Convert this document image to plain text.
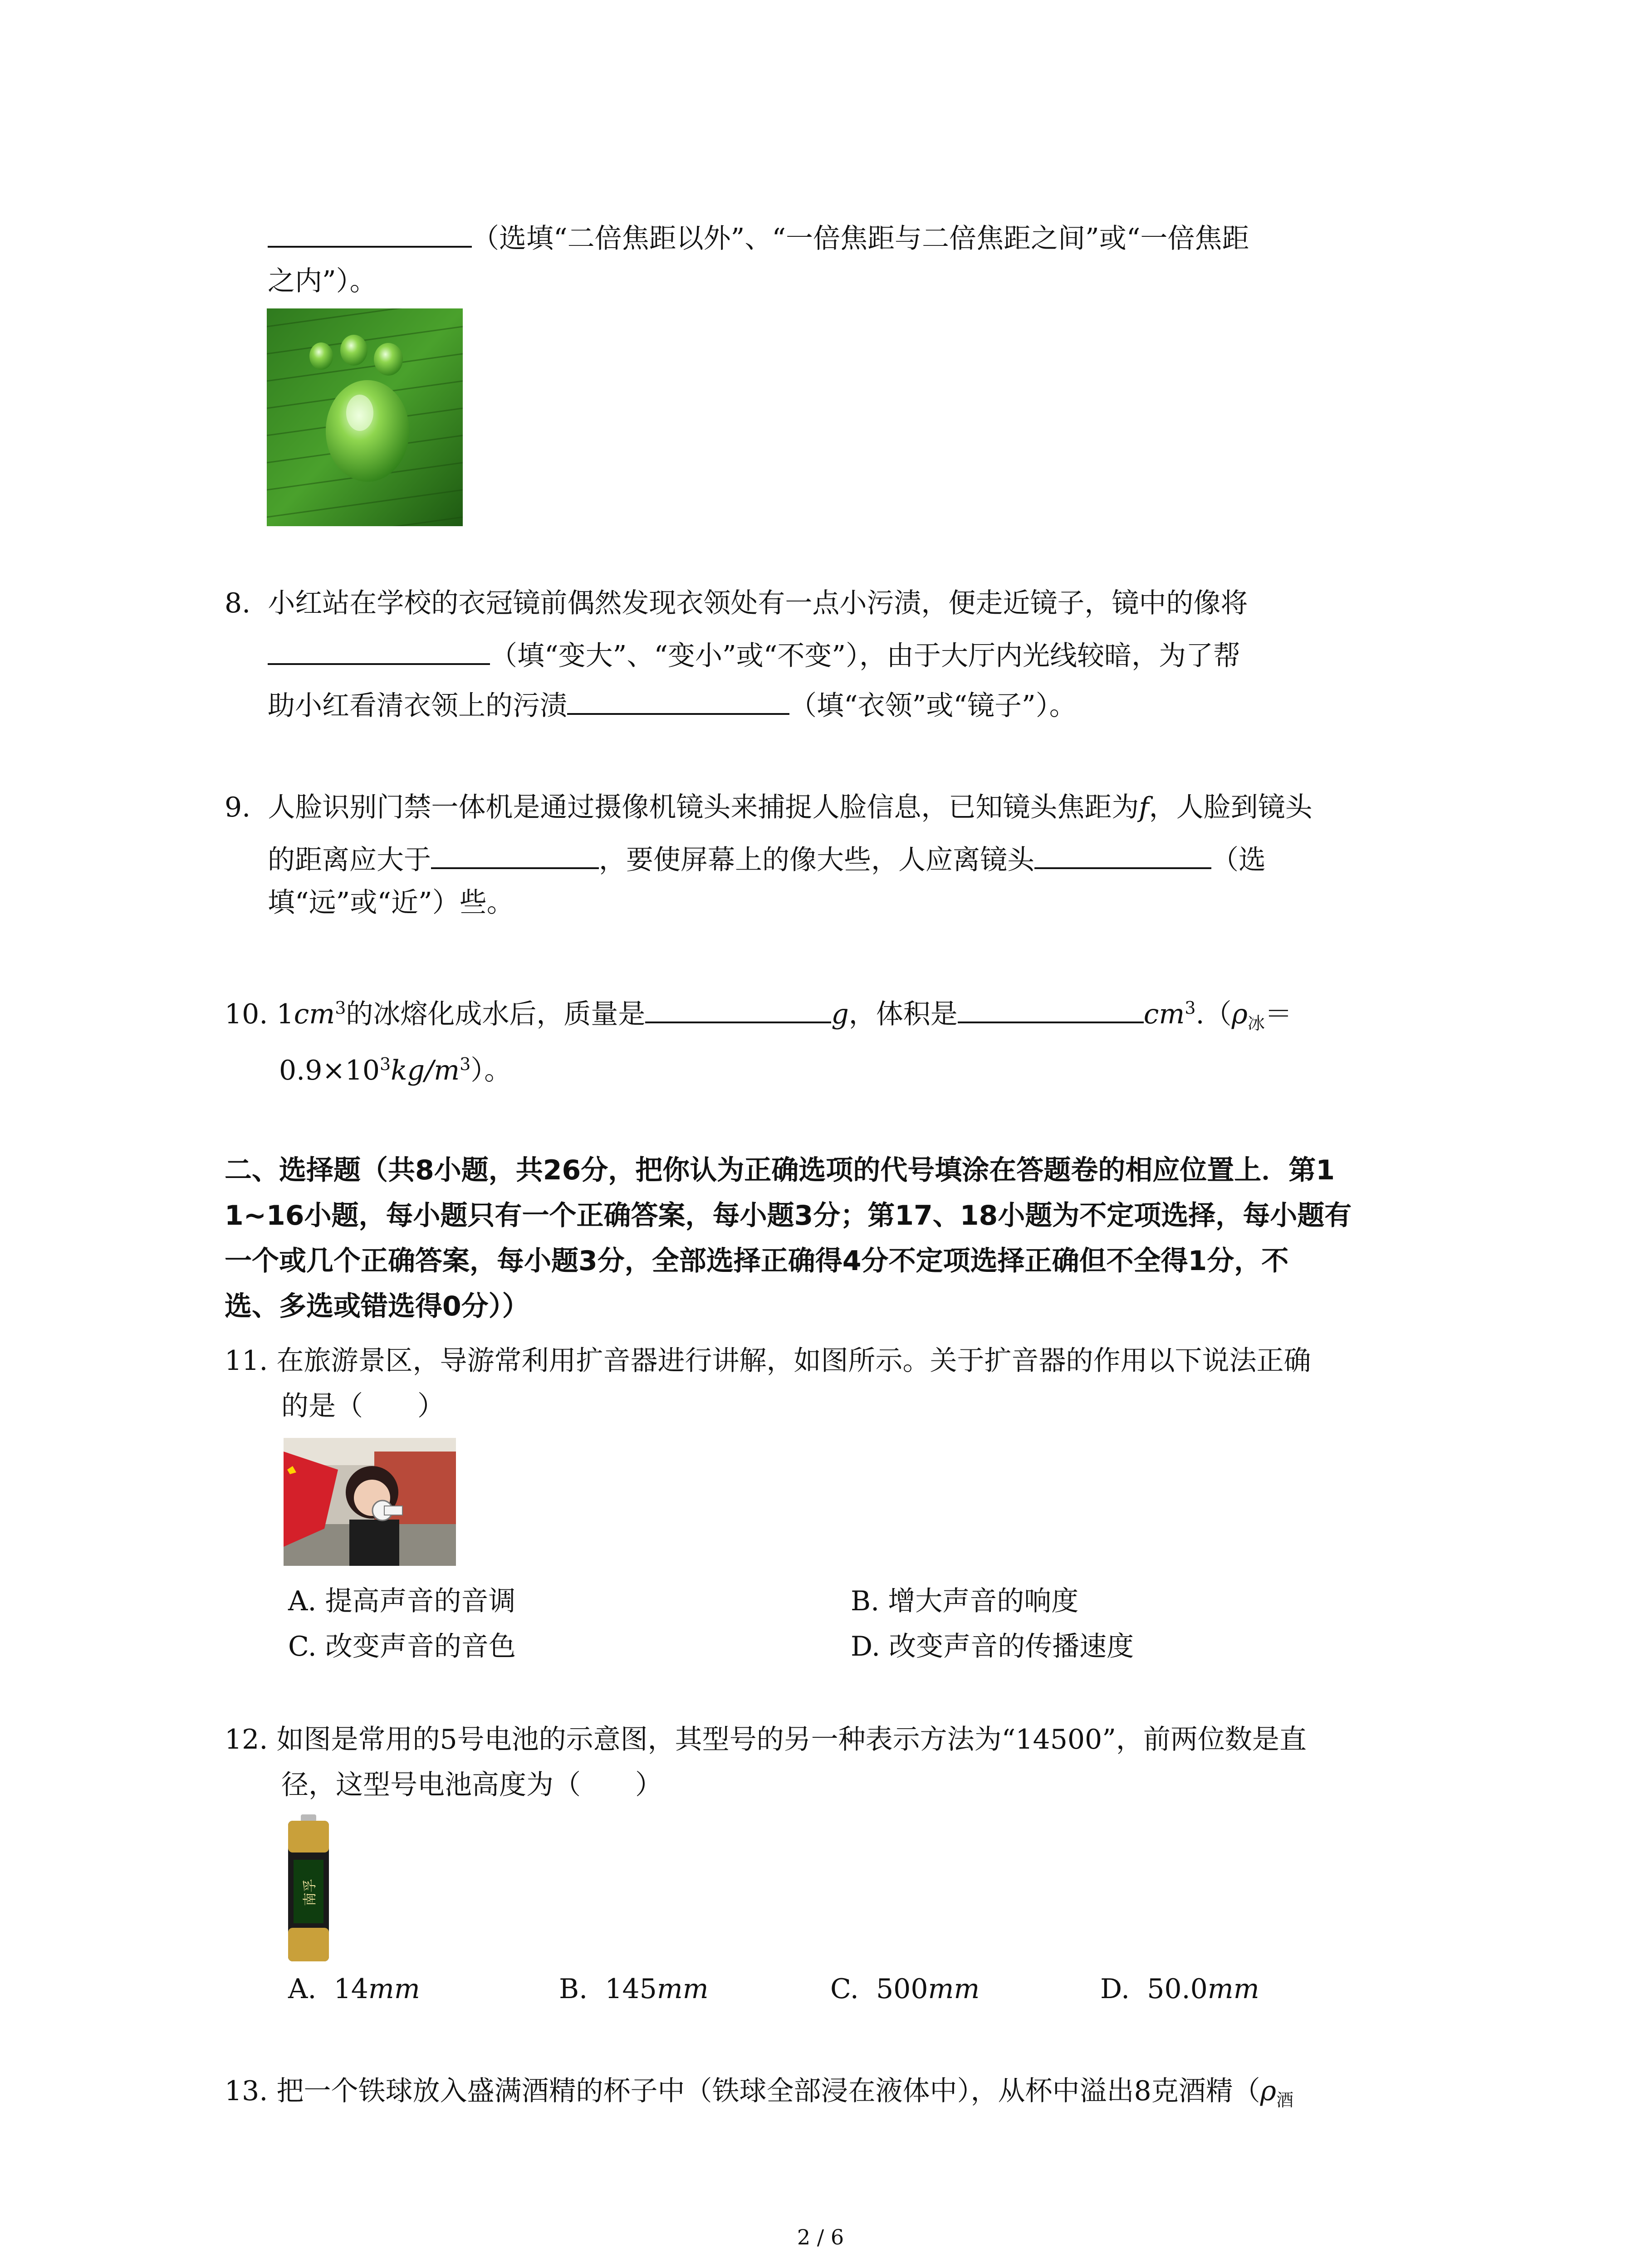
（选填“二倍焦距以外”、“一倍焦距与二倍焦距之间”或“一倍焦距
之内”）。
8. 小红站在学校的衣冠镜前偶然发现衣领处有一点小污渍，便走近镜子，镜中的像将
（填“变大”、“变小”或“不变”），由于大厅内光线较暗，为了帮
助小红看清衣领上的污渍	（填“衣领”或“镜子”）。
9. 人脸识别门禁一体机是通过摄像机镜头来捕捉人脸信息，已知镜头焦距为f，人脸到镜头
的距离应大于	，要使屏幕上的像大些，人应离镜头	（选
填“远”或“近”）些。
10. $1cm^3$的冰熔化成水后，质量是	g，体积是	$cm^3.(\rho_冰=$
$0.9\times 10^3kg/m^3$）。
二、选择题（共8小题，共26分，把你认为正确选项的代号填涂在答题卷的相应位置上．第1
1~16小题，每小题只有一个正确答案，每小题3分；第17、18小题为不定项选择，每小题有
一个或几个正确答案，每小题3分，全部选择正确得4分不定项选择正确但不全得1分，不
选、多选或错选得0分））
11. 在旅游景区，导游常利用扩音器进行讲解，如图所示。关于扩音器的作用以下说法正确
的是（　　）
A. 提高声音的音调	B. 增大声音的响度
C. 改变声音的音色	D. 改变声音的传播速度
12. 如图是常用的5号电池的示意图，其型号的另一种表示方法为“14500”，前两位数是直
径，这型号电池高度为（　　）
南孚
A. 14mm	B. 145mm	C. 500mm	D. 50.0mm
13. 把一个铁球放入盛满酒精的杯子中（铁球全部浸在液体中），从杯中溢出8克酒精（$\rho_酒$
2 / 6
